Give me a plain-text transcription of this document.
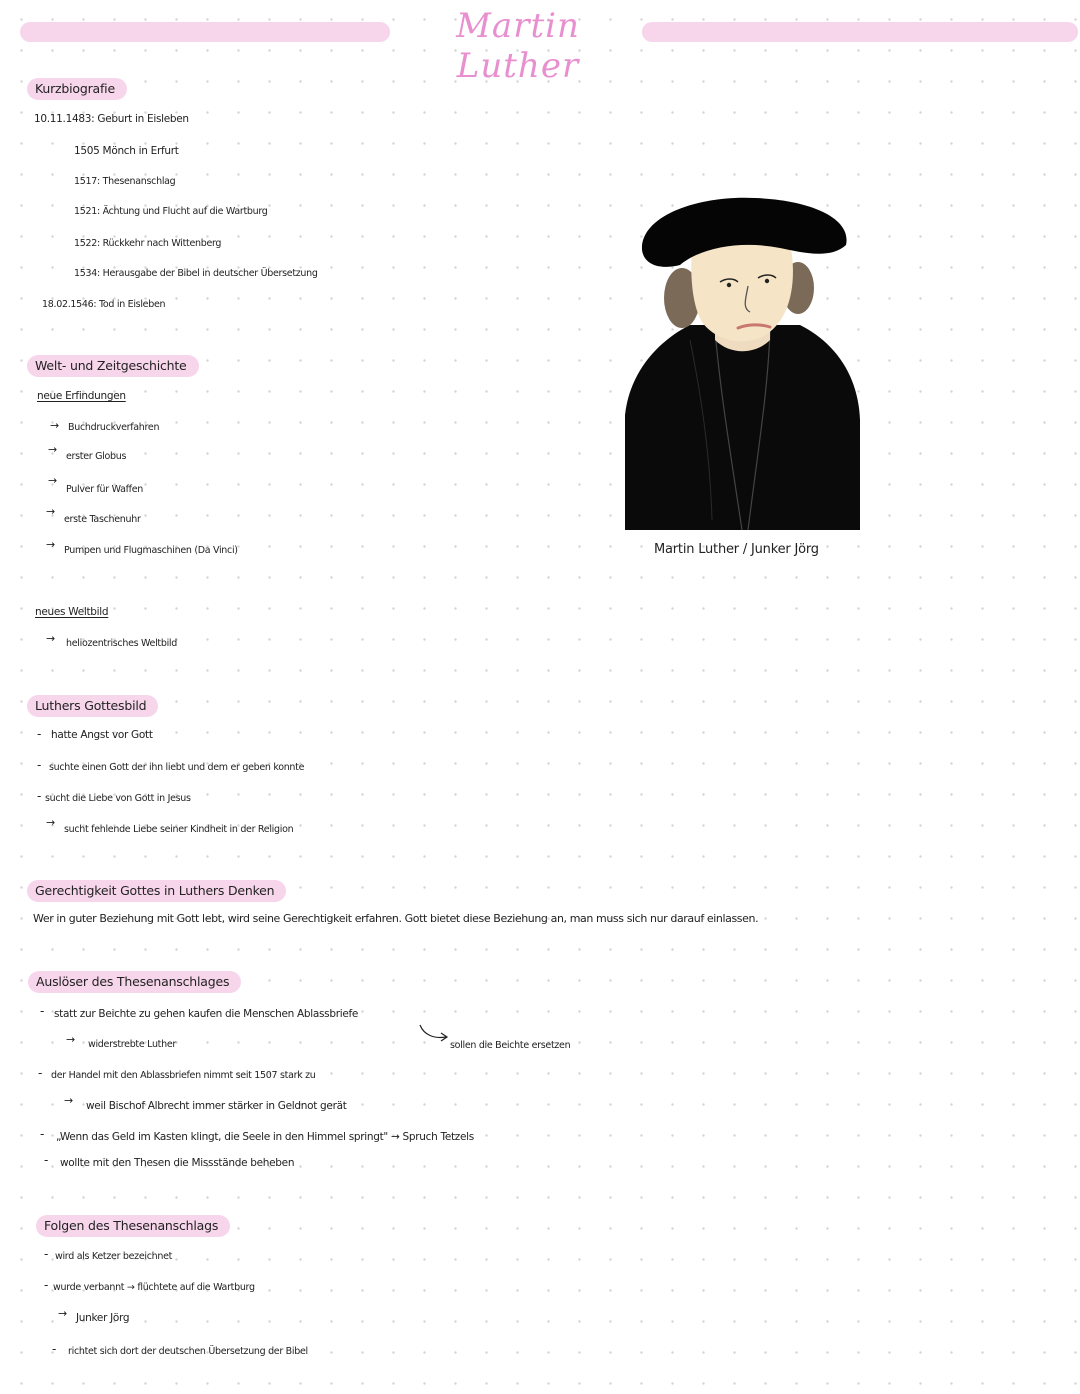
Martin Luther
Kurzbiografie
10.11.1483: Geburt in Eisleben
1505 Mönch in Erfurt
1517: Thesenanschlag
1521: Ächtung und Flucht auf die Wartburg
1522: Rückkehr nach Wittenberg
1534: Herausgabe der Bibel in deutscher Übersetzung
18.02.1546: Tod in Eisleben
Welt- und Zeitgeschichte
neue Erfindungen
→ Buchdruckverfahren
→
erster Globus
→
Pulver für Waffen
→
erste Taschenuhr
→ Pumpen und Flugmaschinen (Da Vinci)
neues Weltbild
→ heliozentrisches Weltbild
Martin Luther / Junker Jörg
Luthers Gottesbild
- hatte Angst vor Gott
- suchte einen Gott der ihn liebt und dem er geben konnte
- sucht die Liebe von Gott in Jesus
→
sucht fehlende Liebe seiner Kindheit in der Religion
Gerechtigkeit Gottes in Luthers Denken
Wer in guter Beziehung mit Gott lebt, wird seine Gerechtigkeit erfahren. Gott bietet diese Beziehung an, man muss sich nur darauf einlassen.
Auslöser des Thesenanschlages
- statt zur Beichte zu gehen kaufen die Menschen Ablassbriefe
→ widerstrebte Luther	sollen die Beichte ersetzen
- der Handel mit den Ablassbriefen nimmt seit 1507 stark zu
→ weil Bischof Albrecht immer stärker in Geldnot gerät
- „Wenn das Geld im Kasten klingt, die Seele in den Himmel springt" → Spruch Tetzels
- wollte mit den Thesen die Missstände beheben
Folgen des Thesenanschlags
- wird als Ketzer bezeichnet
- wurde verbannt → flüchtete auf die Wartburg
→ Junker Jörg
- richtet sich dort der deutschen Übersetzung der Bibel
